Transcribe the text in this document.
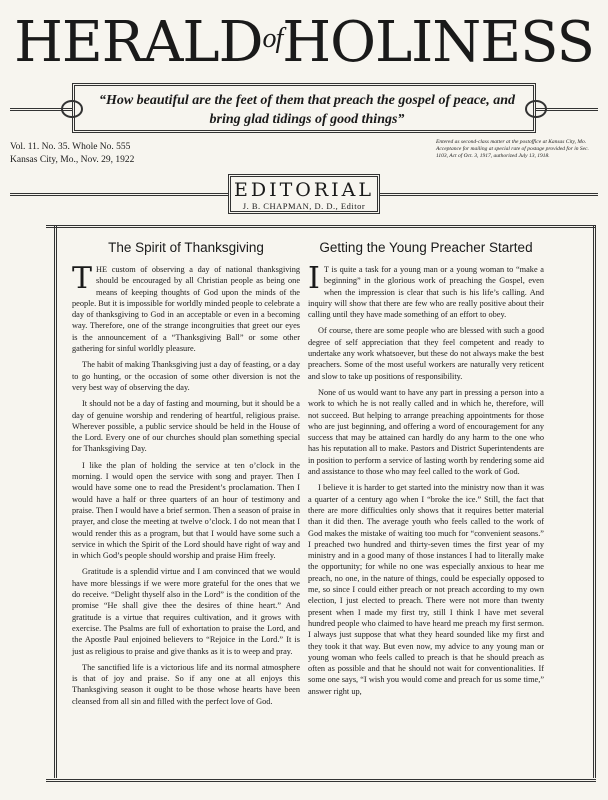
$HERALD^{of}HOLINESS$
“How beautiful are the feet of them that preach the gospel of peace, and
bring glad tidings of good things”
Vol. 11. No. 35. Whole No. 555
Kansas City, Mo., Nov. 29, 1922
Entered as second-class matter at the postoffice at Kansas City, Mo. Acceptance for mailing at special rate of postage provided for in Sec. 1103, Act of Oct. 3, 1917, authorized July 13, 1918.
EDITORIAL
J. B. CHAPMAN, D. D., Editor
The Spirit of Thanksgiving

THE custom of observing a day of national thanksgiving should be encouraged by all Christian people as being one means of keeping thoughts of God upon the minds of the people. But it is impossible for worldly minded people to celebrate a day of thanksgiving to God in an acceptable or even in a becoming way. Therefore, one of the strange incongruities that greet our eyes is the announcement of a “Thanksgiving Ball” or some other gathering for sinful worldly pleasure.

The habit of making Thanksgiving just a day of feasting, or a day to go hunting, or the occasion of some other diversion is not the very best way of observing the day.

It should not be a day of fasting and mourning, but it should be a day of genuine worship and rendering of heartful, religious praise. Wherever possible, a public service should be held in the House of the Lord. Every one of our churches should plan something special for Thanksgiving Day.

I like the plan of holding the service at ten o’clock in the morning. I would open the service with song and prayer. Then I would have some one to read the President’s proclamation. Then I would have a half or three quarters of an hour of testimony and praise. Then I would have a brief sermon. Then a season of praise in prayer, and close the meeting at twelve o’clock. I do not mean that I would render this as a program, but that I would have some such a service in which the Spirit of the Lord should have right of way and in which God’s people should worship and praise Him freely.

Gratitude is a splendid virtue and I am convinced that we would have more blessings if we were more grateful for the ones that we do receive. “Delight thyself also in the Lord” is the condition of the promise “He shall give thee the desires of thine heart.” And gratitude is a virtue that requires cultivation, and it grows with exercise. The Psalms are full of exhortation to praise the Lord, and the Apostle Paul enjoined believers to “Rejoice in the Lord.” It is just as religious to praise and give thanks as it is to weep and pray.

The sanctified life is a victorious life and its normal atmosphere is that of joy and praise. So if any one at all enjoys this Thanksgiving season it ought to be those whose hearts have been cleansed from all sin and filled with the perfect love of God.

Getting the Young Preacher Started

I T is quite a task for a young man or a young woman to “make a beginning” in the glorious work of preaching the Gospel, even when the impression is clear that such is his life’s calling. And inquiry will show that there are few who are really positive about their calling until they have made something of an effort to obey.

Of course, there are some people who are blessed with such a good degree of self appreciation that they feel competent and ready to undertake any work whatsoever, but these do not always make the best preachers. Some of the most useful workers are naturally very reticent and slow to take up positions of responsibility.

None of us would want to have any part in pressing a person into a work to which he is not really called and in which he, therefore, will not succeed. But helping to arrange preaching appointments for those who are just beginning, and offering a word of encouragement for any success that may be attained can hardly do any harm to the one who has his reputation all to make. Pastors and District Superintendents are in position to perform a service of lasting worth by rendering some aid and assistance to those who may feel called to the work of God.

I believe it is harder to get started into the ministry now than it was a quarter of a century ago when I “broke the ice.” Still, the fact that there are more difficulties only shows that it requires better material than it did then. The average youth who feels called to the work of God makes the mistake of waiting too much for “convenient seasons.” I preached two hundred and thirty-seven times the first year of my ministry and in a good many of those instances I had to literally make the opportunity; for while no one was especially anxious to hear me preach, no one, in the nature of things, could be especially opposed to me, so since I could either preach or not preach according to my own election, I just elected to preach. There were not more than twenty present when I made my first try, still I think I have met several hundred people who claimed to have heard me preach my first sermon. I always just suppose that what they heard sounded like my first and they took it that way. But even now, my advice to any young man or young woman who feels called to preach is that he should preach as often as possible and that he should not wait for conventionalities. If some one says, “I wish you would come and preach for us some time,” answer right up,
